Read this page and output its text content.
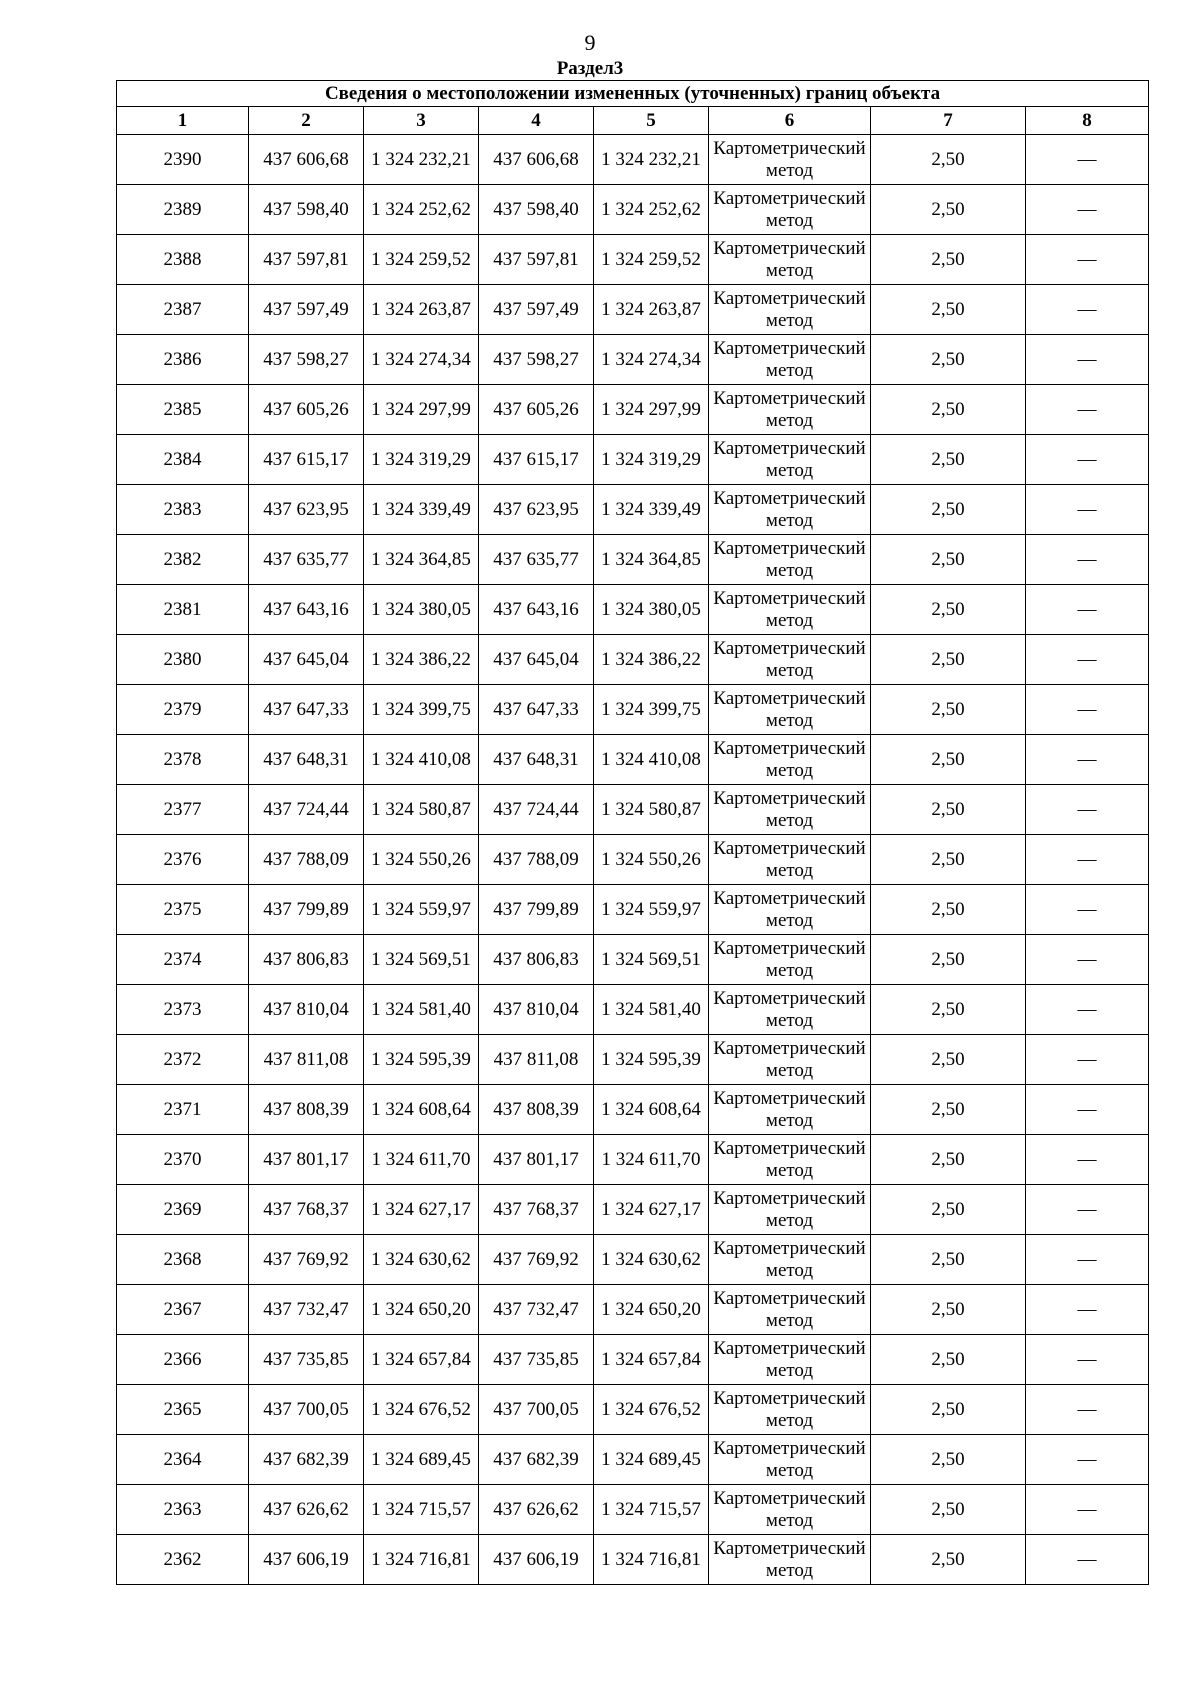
9
Раздел3
Сведения о местоположении измененных (уточненных) границ объекта							
1	2	3	4	5	6	7	8
2390	437 606,68	1 324 232,21	437 606,68	1 324 232,21	Картометрический метод	2,50	—
2389	437 598,40	1 324 252,62	437 598,40	1 324 252,62	Картометрический метод	2,50	—
2388	437 597,81	1 324 259,52	437 597,81	1 324 259,52	Картометрический метод	2,50	—
2387	437 597,49	1 324 263,87	437 597,49	1 324 263,87	Картометрический метод	2,50	—
2386	437 598,27	1 324 274,34	437 598,27	1 324 274,34	Картометрический метод	2,50	—
2385	437 605,26	1 324 297,99	437 605,26	1 324 297,99	Картометрический метод	2,50	—
2384	437 615,17	1 324 319,29	437 615,17	1 324 319,29	Картометрический метод	2,50	—
2383	437 623,95	1 324 339,49	437 623,95	1 324 339,49	Картометрический метод	2,50	—
2382	437 635,77	1 324 364,85	437 635,77	1 324 364,85	Картометрический метод	2,50	—
2381	437 643,16	1 324 380,05	437 643,16	1 324 380,05	Картометрический метод	2,50	—
2380	437 645,04	1 324 386,22	437 645,04	1 324 386,22	Картометрический метод	2,50	—
2379	437 647,33	1 324 399,75	437 647,33	1 324 399,75	Картометрический метод	2,50	—
2378	437 648,31	1 324 410,08	437 648,31	1 324 410,08	Картометрический метод	2,50	—
2377	437 724,44	1 324 580,87	437 724,44	1 324 580,87	Картометрический метод	2,50	—
2376	437 788,09	1 324 550,26	437 788,09	1 324 550,26	Картометрический метод	2,50	—
2375	437 799,89	1 324 559,97	437 799,89	1 324 559,97	Картометрический метод	2,50	—
2374	437 806,83	1 324 569,51	437 806,83	1 324 569,51	Картометрический метод	2,50	—
2373	437 810,04	1 324 581,40	437 810,04	1 324 581,40	Картометрический метод	2,50	—
2372	437 811,08	1 324 595,39	437 811,08	1 324 595,39	Картометрический метод	2,50	—
2371	437 808,39	1 324 608,64	437 808,39	1 324 608,64	Картометрический метод	2,50	—
2370	437 801,17	1 324 611,70	437 801,17	1 324 611,70	Картометрический метод	2,50	—
2369	437 768,37	1 324 627,17	437 768,37	1 324 627,17	Картометрический метод	2,50	—
2368	437 769,92	1 324 630,62	437 769,92	1 324 630,62	Картометрический метод	2,50	—
2367	437 732,47	1 324 650,20	437 732,47	1 324 650,20	Картометрический метод	2,50	—
2366	437 735,85	1 324 657,84	437 735,85	1 324 657,84	Картометрический метод	2,50	—
2365	437 700,05	1 324 676,52	437 700,05	1 324 676,52	Картометрический метод	2,50	—
2364	437 682,39	1 324 689,45	437 682,39	1 324 689,45	Картометрический метод	2,50	—
2363	437 626,62	1 324 715,57	437 626,62	1 324 715,57	Картометрический метод	2,50	—
2362	437 606,19	1 324 716,81	437 606,19	1 324 716,81	Картометрический метод	2,50	—
